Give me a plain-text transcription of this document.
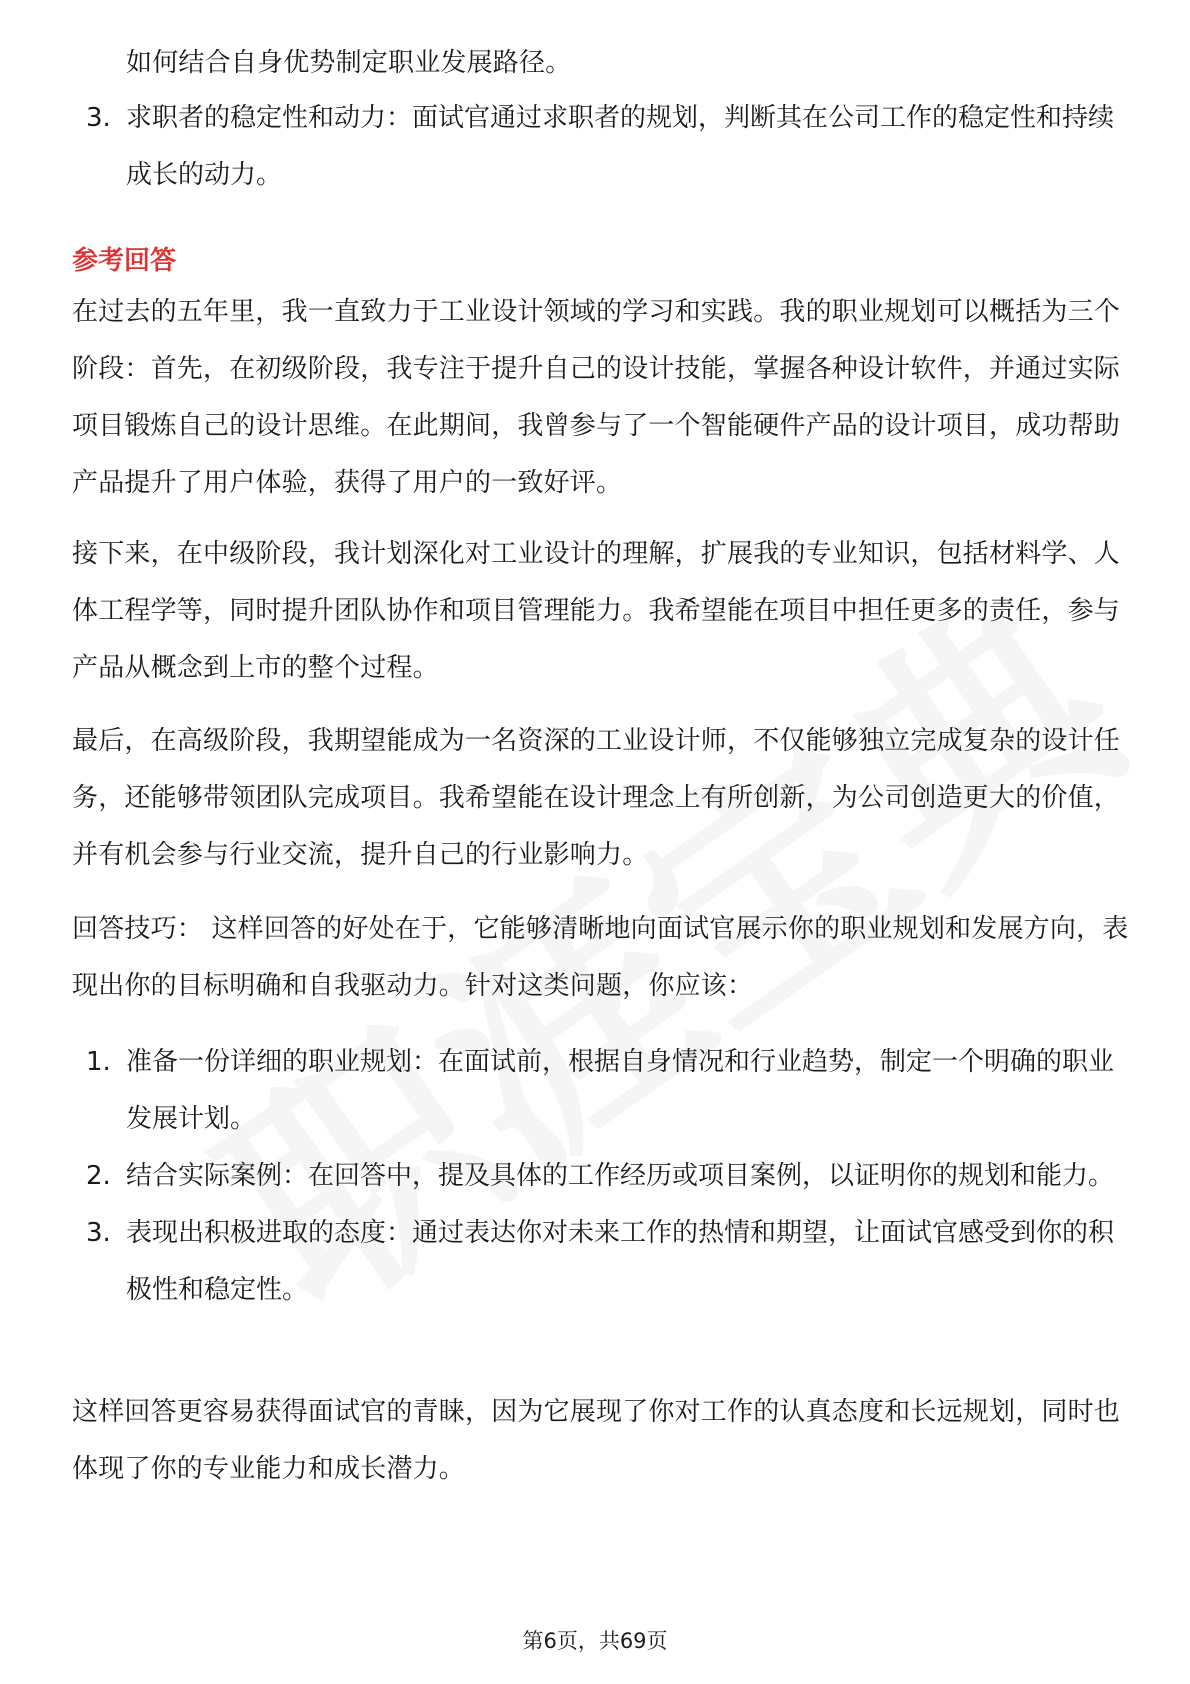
如何结合自身优势制定职业发展路径。

3. 求职者的稳定性和动力：面试官通过求职者的规划，判断其在公司工作的稳定性和持续成长的动力。
参考回答

在过去的五年里，我一直致力于工业设计领域的学习和实践。我的职业规划可以概括为三个阶段：首先，在初级阶段，我专注于提升自己的设计技能，掌握各种设计软件，并通过实际项目锻炼自己的设计思维。在此期间，我曾参与了一个智能硬件产品的设计项目，成功帮助产品提升了用户体验，获得了用户的一致好评。

接下来，在中级阶段，我计划深化对工业设计的理解，扩展我的专业知识，包括材料学、人体工程学等，同时提升团队协作和项目管理能力。我希望能在项目中担任更多的责任，参与产品从概念到上市的整个过程。

最后，在高级阶段，我期望能成为一名资深的工业设计师，不仅能够独立完成复杂的设计任务，还能够带领团队完成项目。我希望能在设计理念上有所创新，为公司创造更大的价值，并有机会参与行业交流，提升自己的行业影响力。

回答技巧： 这样回答的好处在于，它能够清晰地向面试官展示你的职业规划和发展方向，表现出你的目标明确和自我驱动力。针对这类问题，你应该：

1. 准备一份详细的职业规划：在面试前，根据自身情况和行业趋势，制定一个明确的职业发展计划。
2. 结合实际案例：在回答中，提及具体的工作经历或项目案例，以证明你的规划和能力。
3. 表现出积极进取的态度：通过表达你对未来工作的热情和期望，让面试官感受到你的积极性和稳定性。

这样回答更容易获得面试官的青睐，因为它展现了你对工作的认真态度和长远规划，同时也体现了你的专业能力和成长潜力。

第6页，共69页
